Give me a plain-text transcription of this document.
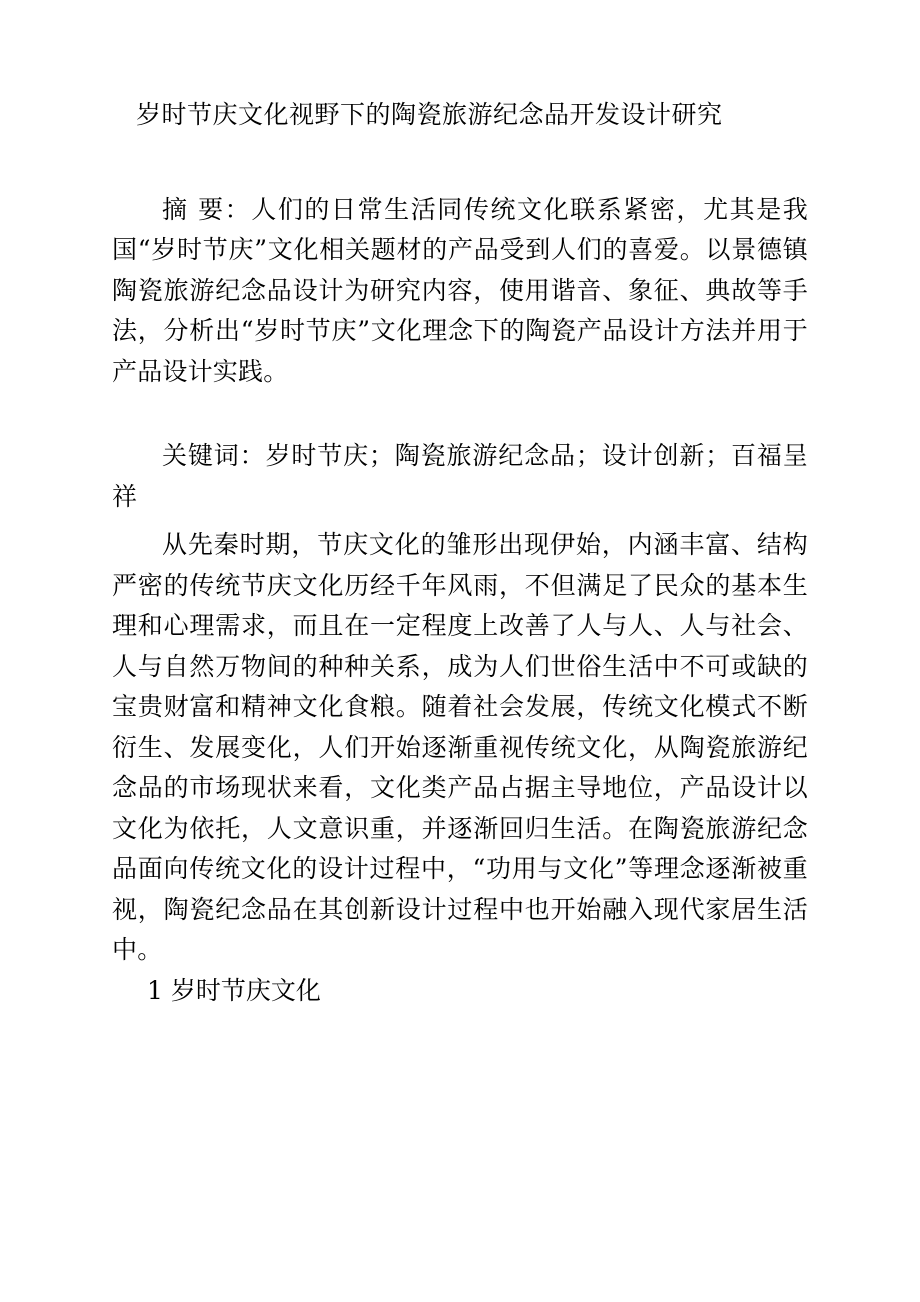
岁时节庆文化视野下的陶瓷旅游纪念品开发设计研究

摘 要：人们的日常生活同传统文化联系紧密，尤其是我国“岁时节庆”文化相关题材的产品受到人们的喜爱。以景德镇陶瓷旅游纪念品设计为研究内容，使用谐音、象征、典故等手法，分析出“岁时节庆”文化理念下的陶瓷产品设计方法并用于产品设计实践。

关键词：岁时节庆；陶瓷旅游纪念品；设计创新；百福呈祥

从先秦时期，节庆文化的雏形出现伊始，内涵丰富、结构严密的传统节庆文化历经千年风雨，不但满足了民众的基本生理和心理需求，而且在一定程度上改善了人与人、人与社会、人与自然万物间的种种关系，成为人们世俗生活中不可或缺的宝贵财富和精神文化食粮。随着社会发展，传统文化模式不断衍生、发展变化，人们开始逐渐重视传统文化，从陶瓷旅游纪念品的市场现状来看，文化类产品占据主导地位，产品设计以文化为依托，人文意识重，并逐渐回归生活。在陶瓷旅游纪念品面向传统文化的设计过程中，“功用与文化”等理念逐渐被重视，陶瓷纪念品在其创新设计过程中也开始融入现代家居生活中。

1 岁时节庆文化
